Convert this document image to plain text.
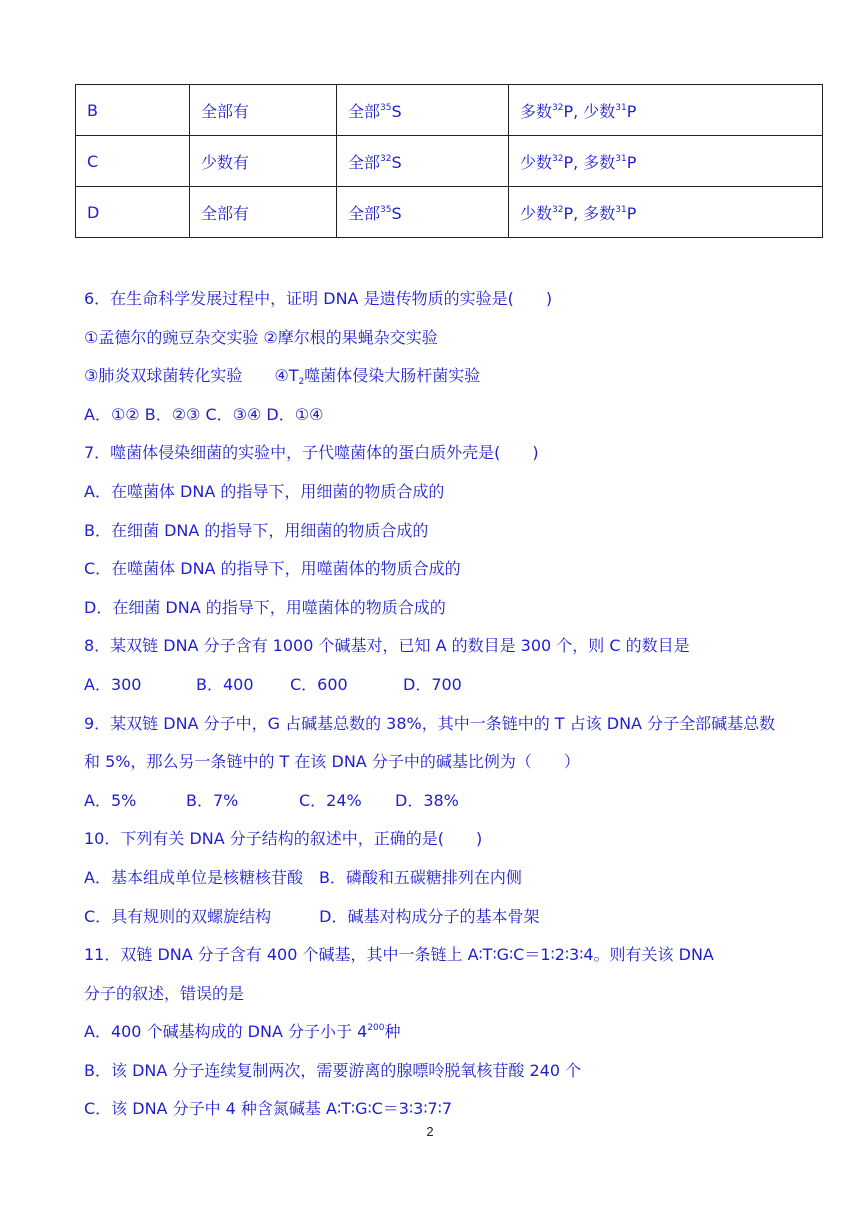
B	全部有	全部$^{35}$S	多数$^{32}$P, 少数$^{31}$P
C	少数有	全部$^{32}$S	少数$^{32}$P, 多数$^{31}$P
D	全部有	全部$^{35}$S	少数$^{32}$P, 多数$^{31}$P
6．在生命科学发展过程中，证明 DNA 是遗传物质的实验是(　　)
①孟德尔的豌豆杂交实验 ②摩尔根的果蝇杂交实验
③肺炎双球菌转化实验　　$④T_2$噬菌体侵染大肠杆菌实验
A．①② B．②③ C．③④ D．①④
7．噬菌体侵染细菌的实验中，子代噬菌体的蛋白质外壳是(　　)
A．在噬菌体 DNA 的指导下，用细菌的物质合成的
B．在细菌 DNA 的指导下，用细菌的物质合成的
C．在噬菌体 DNA 的指导下，用噬菌体的物质合成的
D．在细菌 DNA 的指导下，用噬菌体的物质合成的
8．某双链 DNA 分子含有 1000 个碱基对，已知 A 的数目是 300 个，则 C 的数目是
A．300	B．400 C．600	D．700
9．某双链 DNA 分子中，G 占碱基总数的 38%，其中一条链中的 T 占该 DNA 分子全部碱基总数
和 5%，那么另一条链中的 T 在该 DNA 分子中的碱基比例为（　　）
A．5%	B．7%	C．24% D．38%
10．下列有关 DNA 分子结构的叙述中，正确的是(　　)
A．基本组成单位是核糖核苷酸　B．磷酸和五碳糖排列在内侧
C．具有规则的双螺旋结构　　　D．碱基对构成分子的基本骨架
11．双链 DNA 分子含有 400 个碱基，其中一条链上 A∶T∶G∶C＝1∶2∶3∶4。则有关该 DNA
分子的叙述，错误的是
A．400 个碱基构成的 DNA 分子小于 $4^{200}$种
B．该 DNA 分子连续复制两次，需要游离的腺嘌呤脱氧核苷酸 240 个
C．该 DNA 分子中 4 种含氮碱基 A∶T∶G∶C＝3∶3∶7∶7
2
